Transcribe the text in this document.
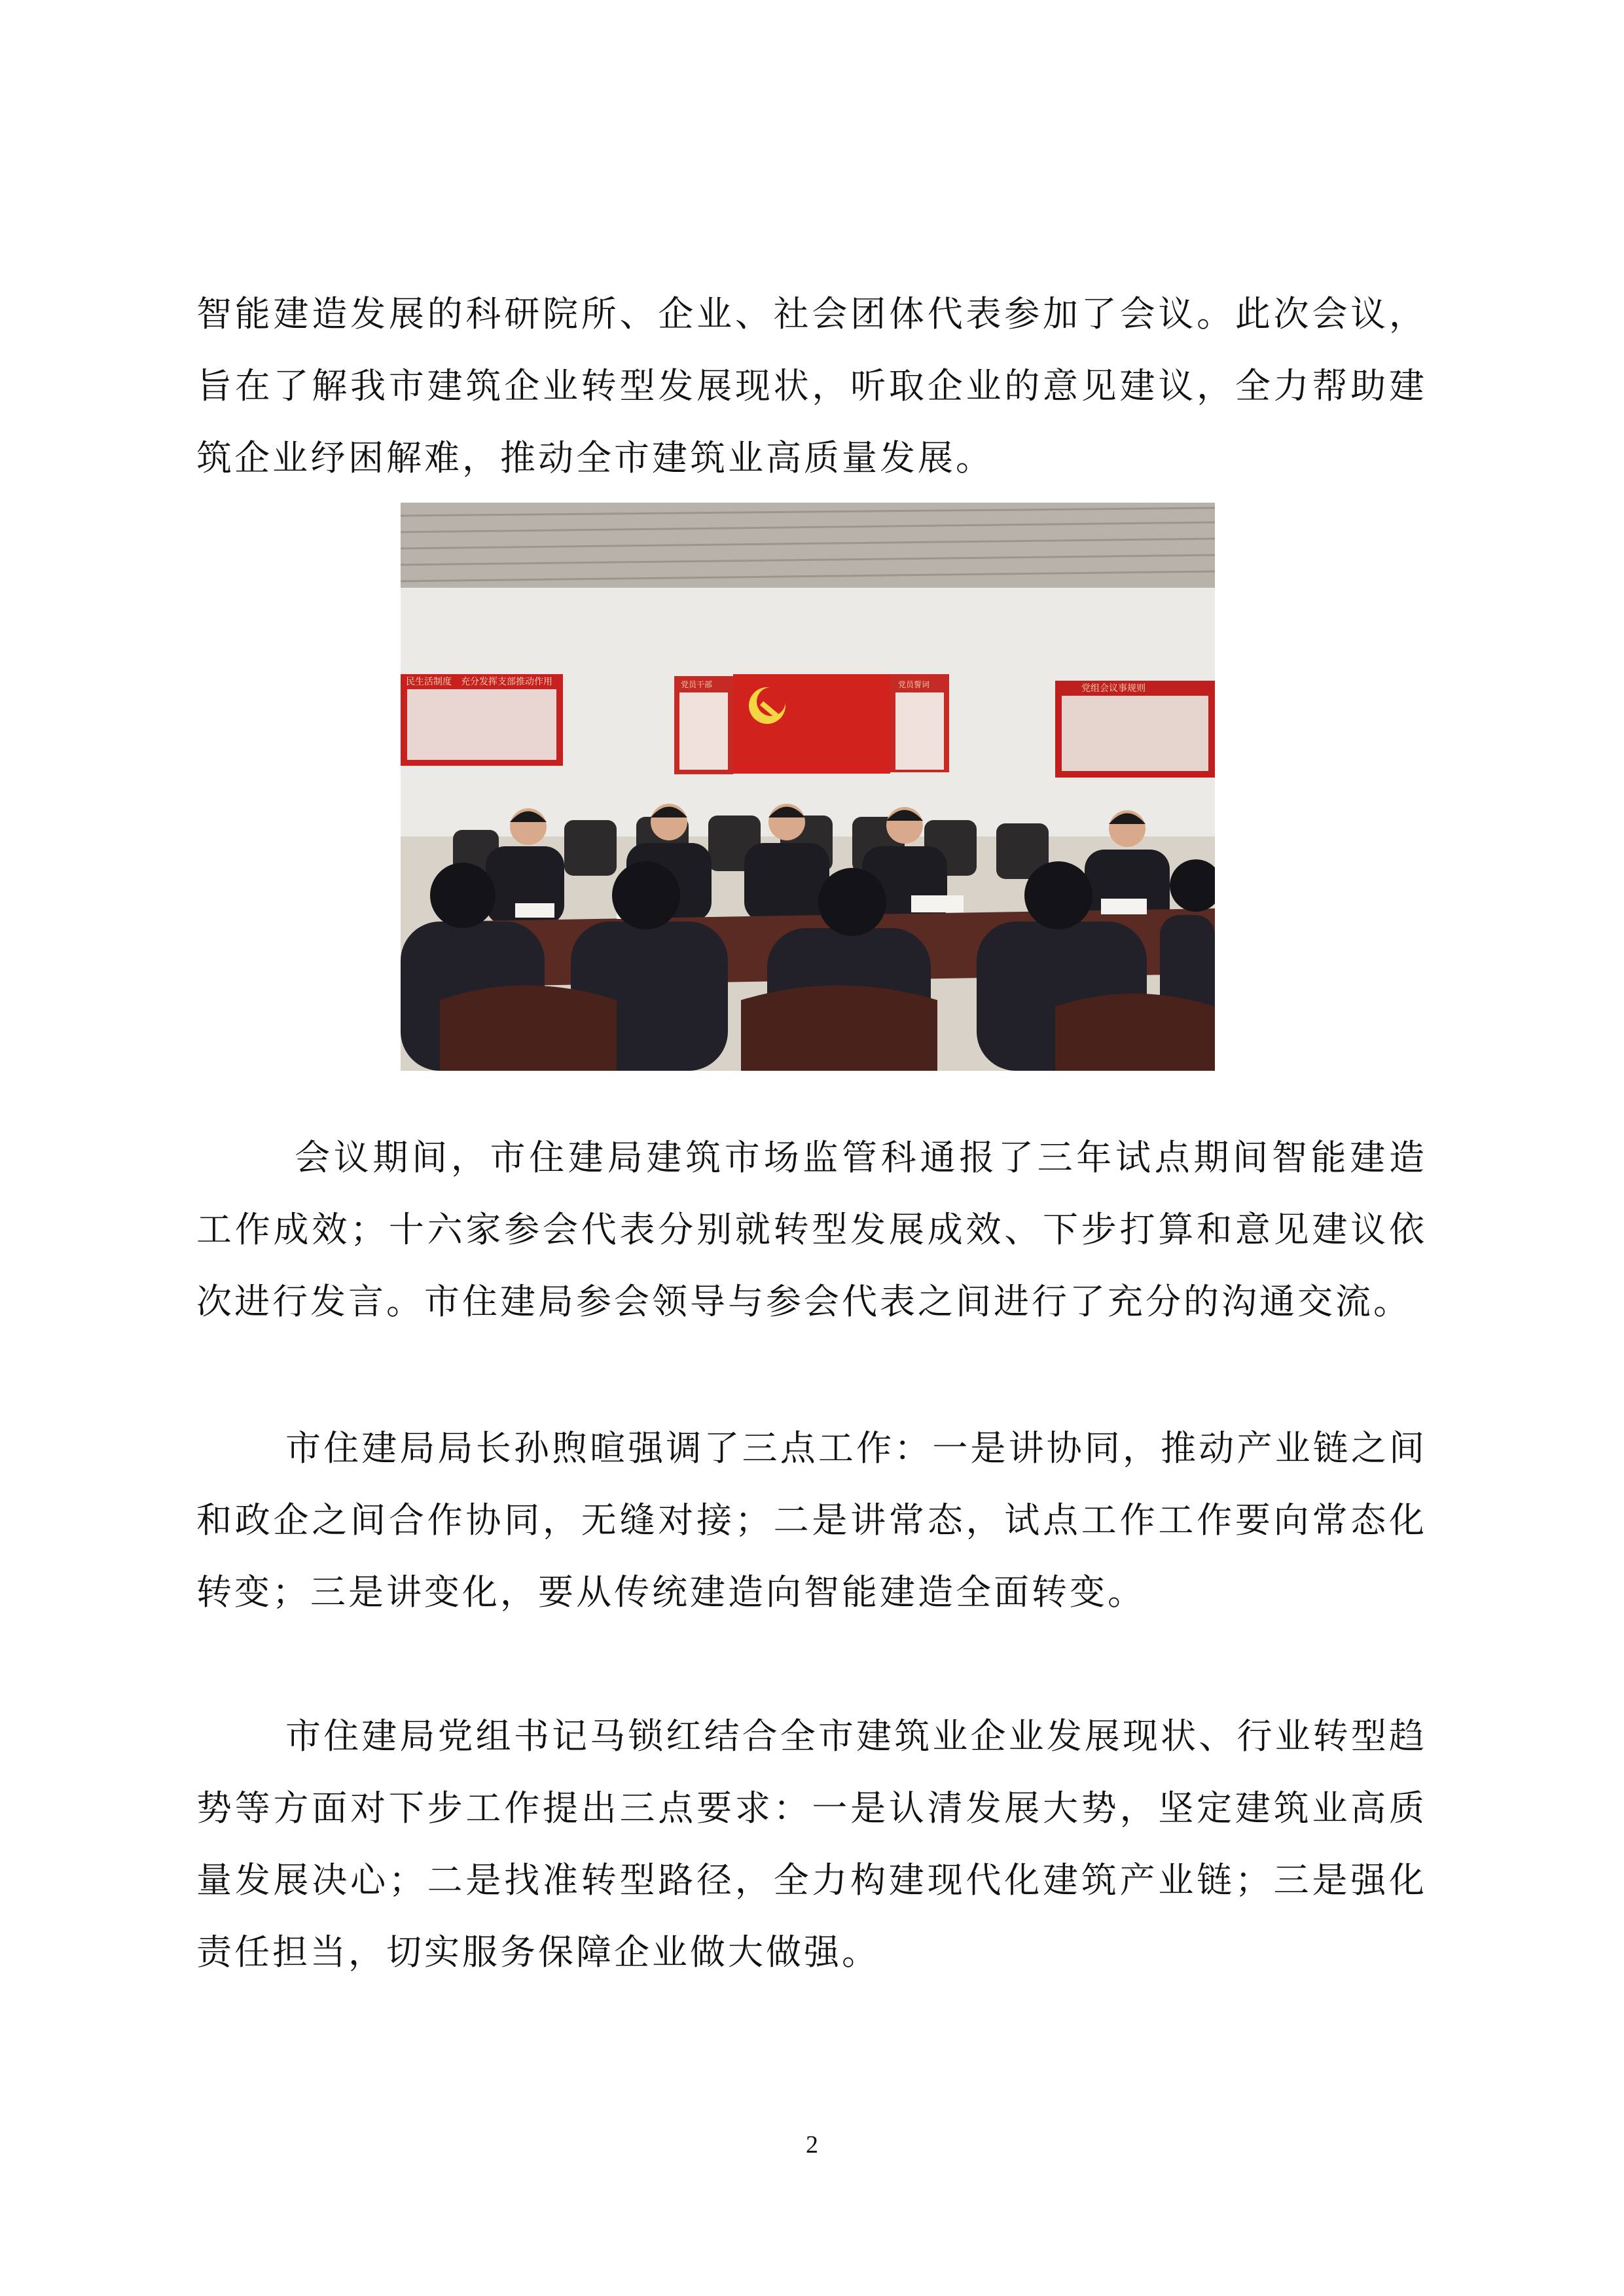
智能建造发展的科研院所、企业、社会团体代表参加了会议。此次会议，旨在了解我市建筑企业转型发展现状，听取企业的意见建议，全力帮助建筑企业纾困解难，推动全市建筑业高质量发展。

民生活制度　充分发挥支部推动作用	党员干部	党员誓词	党组会议事规则

会议期间，市住建局建筑市场监管科通报了三年试点期间智能建造工作成效；十六家参会代表分别就转型发展成效、下步打算和意见建议依次进行发言。市住建局参会领导与参会代表之间进行了充分的沟通交流。

市住建局局长孙煦暄强调了三点工作：一是讲协同，推动产业链之间和政企之间合作协同，无缝对接；二是讲常态，试点工作工作要向常态化转变；三是讲变化，要从传统建造向智能建造全面转变。

市住建局党组书记马锁红结合全市建筑业企业发展现状、行业转型趋势等方面对下步工作提出三点要求：一是认清发展大势，坚定建筑业高质量发展决心；二是找准转型路径，全力构建现代化建筑产业链；三是强化责任担当，切实服务保障企业做大做强。

2
